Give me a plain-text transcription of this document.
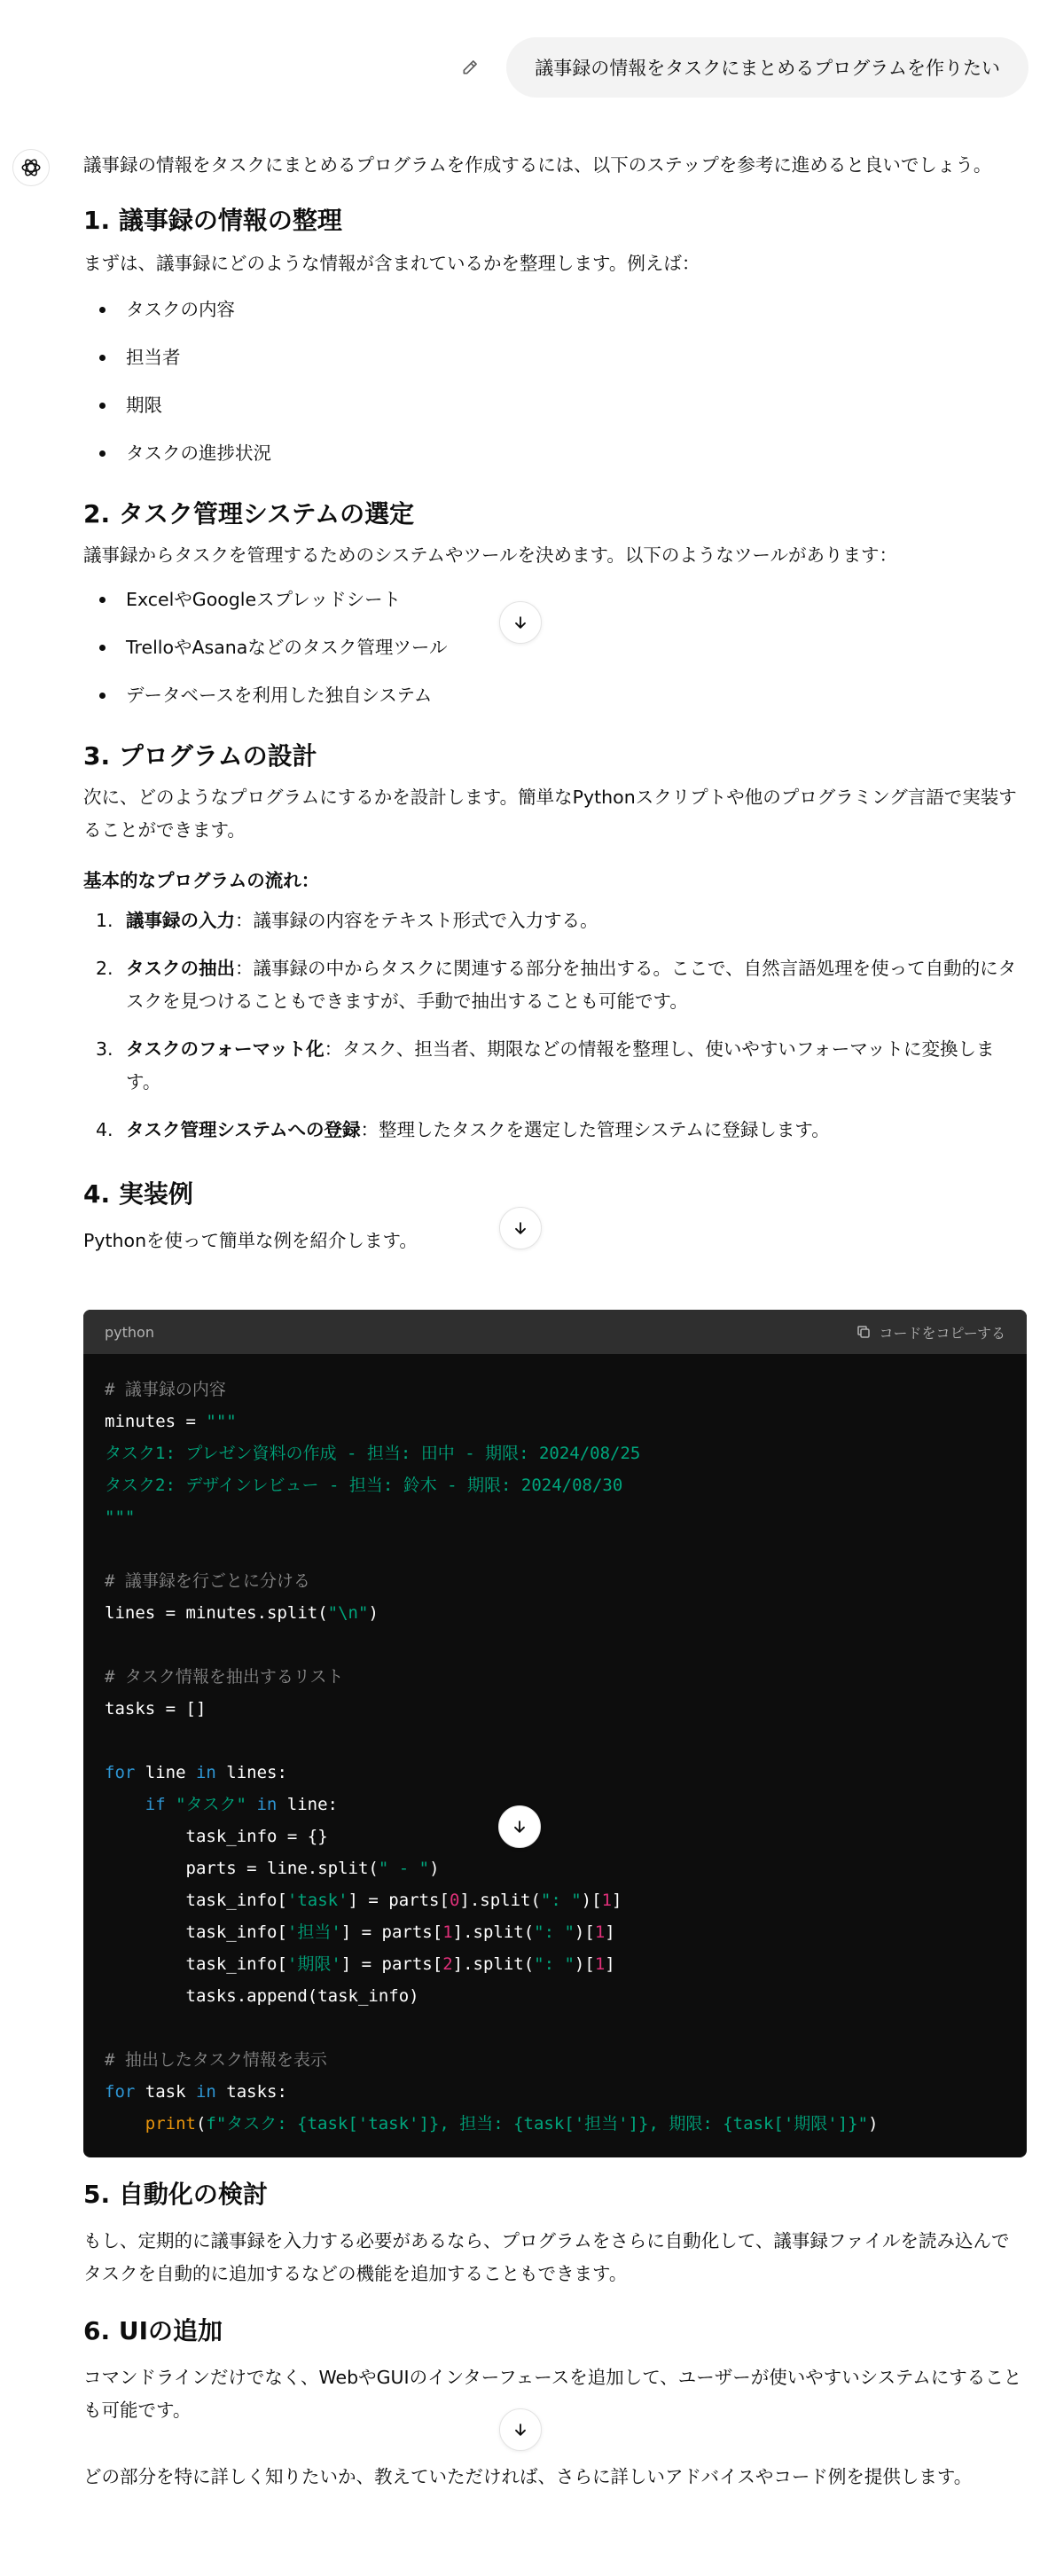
議事録の情報をタスクにまとめるプログラムを作りたい

議事録の情報をタスクにまとめるプログラムを作成するには、以下のステップを参考に進めると良いでしょう。

1. 議事録の情報の整理

まずは、議事録にどのような情報が含まれているかを整理します。例えば：

タスクの内容
担当者
期限
タスクの進捗状況
2. タスク管理システムの選定

議事録からタスクを管理するためのシステムやツールを決めます。以下のようなツールがあります：

ExcelやGoogleスプレッドシート
TrelloやAsanaなどのタスク管理ツール
データベースを利用した独自システム
3. プログラムの設計

次に、どのようなプログラムにするかを設計します。簡単なPythonスクリプトや他のプログラミング言語で実装することができます。

基本的なプログラムの流れ：

1. 議事録の入力：議事録の内容をテキスト形式で入力する。
2. タスクの抽出：議事録の中からタスクに関連する部分を抽出する。ここで、自然言語処理を使って自動的にタスクを見つけることもできますが、手動で抽出することも可能です。
3. タスクのフォーマット化：タスク、担当者、期限などの情報を整理し、使いやすいフォーマットに変換します。
4. タスク管理システムへの登録：整理したタスクを選定した管理システムに登録します。
4. 実装例

Pythonを使って簡単な例を紹介します。

python	コードをコピーする
# 議事録の内容
minutes = """
タスク1: プレゼン資料の作成 - 担当: 田中 - 期限: 2024/08/25
タスク2: デザインレビュー - 担当: 鈴木 - 期限: 2024/08/30
"""

# 議事録を行ごとに分ける
lines = minutes.split("\n")

# タスク情報を抽出するリスト
tasks = []

for line in lines:
if "タスク" in line:
task_info = {}
parts = line.split(" - ")
task_info['task'] = parts[0].split(": ")[1]
task_info['担当'] = parts[1].split(": ")[1]
task_info['期限'] = parts[2].split(": ")[1]
tasks.append(task_info)

# 抽出したタスク情報を表示
for task in tasks:
print(f"タスク: {task['task']}, 担当: {task['担当']}, 期限: {task['期限']}")
5. 自動化の検討

もし、定期的に議事録を入力する必要があるなら、プログラムをさらに自動化して、議事録ファイルを読み込んでタスクを自動的に追加するなどの機能を追加することもできます。

6. UIの追加

コマンドラインだけでなく、WebやGUIのインターフェースを追加して、ユーザーが使いやすいシステムにすることも可能です。

どの部分を特に詳しく知りたいか、教えていただければ、さらに詳しいアドバイスやコード例を提供します。
